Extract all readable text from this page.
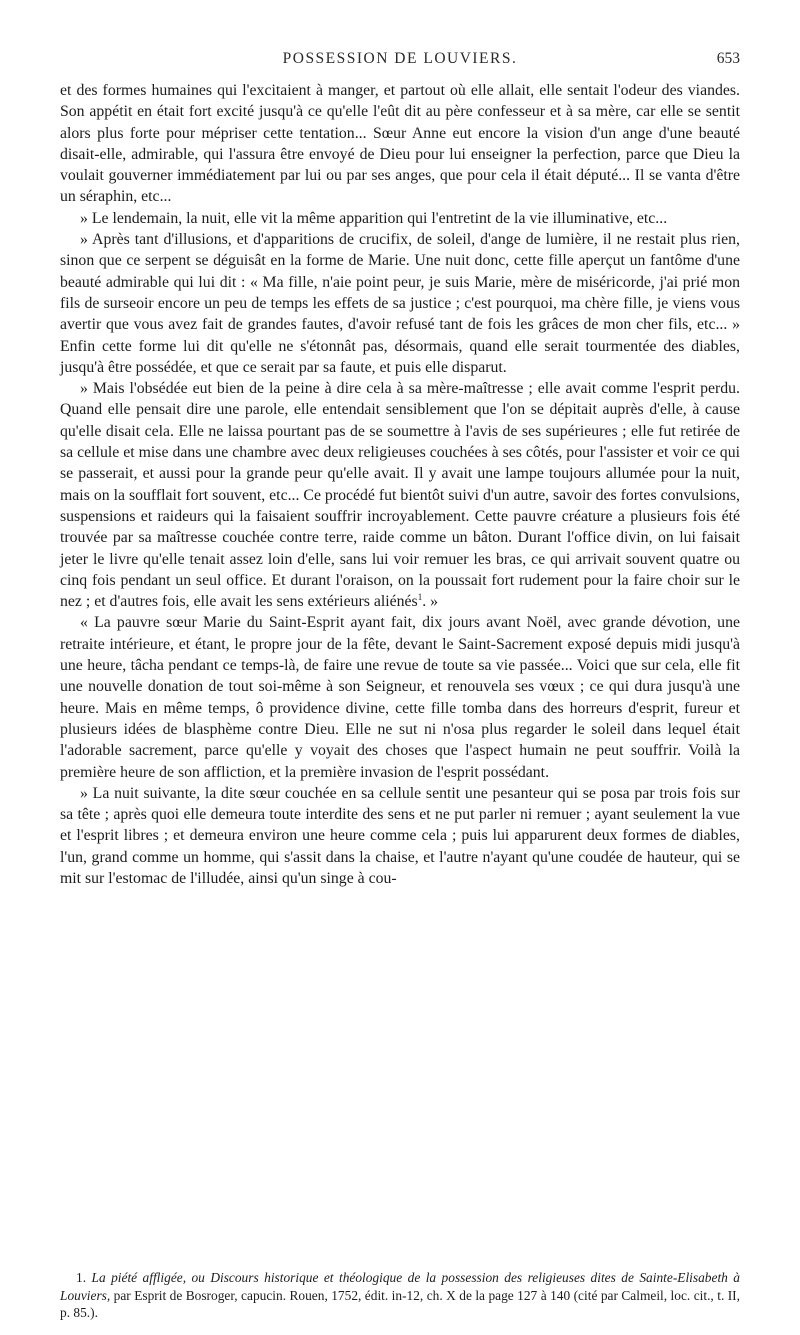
POSSESSION DE LOUVIERS.	653

et des formes humaines qui l'excitaient à manger, et partout où elle allait, elle sentait l'odeur des viandes. Son appétit en était fort excité jusqu'à ce qu'elle l'eût dit au père confesseur et à sa mère, car elle se sentit alors plus forte pour mépriser cette tentation... Sœur Anne eut encore la vision d'un ange d'une beauté disait-elle, admirable, qui l'assura être envoyé de Dieu pour lui enseigner la perfection, parce que Dieu la voulait gouverner immédiatement par lui ou par ses anges, que pour cela il était député... Il se vanta d'être un séraphin, etc...

» Le lendemain, la nuit, elle vit la même apparition qui l'entretint de la vie illuminative, etc...

» Après tant d'illusions, et d'apparitions de crucifix, de soleil, d'ange de lumière, il ne restait plus rien, sinon que ce serpent se déguisât en la forme de Marie. Une nuit donc, cette fille aperçut un fantôme d'une beauté admirable qui lui dit : « Ma fille, n'aie point peur, je suis Marie, mère de miséricorde, j'ai prié mon fils de surseoir encore un peu de temps les effets de sa justice ; c'est pourquoi, ma chère fille, je viens vous avertir que vous avez fait de grandes fautes, d'avoir refusé tant de fois les grâces de mon cher fils, etc... » Enfin cette forme lui dit qu'elle ne s'étonnât pas, désormais, quand elle serait tourmentée des diables, jusqu'à être possédée, et que ce serait par sa faute, et puis elle disparut.

» Mais l'obsédée eut bien de la peine à dire cela à sa mère-maîtresse ; elle avait comme l'esprit perdu. Quand elle pensait dire une parole, elle entendait sensiblement que l'on se dépitait auprès d'elle, à cause qu'elle disait cela. Elle ne laissa pourtant pas de se soumettre à l'avis de ses supérieures ; elle fut retirée de sa cellule et mise dans une chambre avec deux religieuses couchées à ses côtés, pour l'assister et voir ce qui se passerait, et aussi pour la grande peur qu'elle avait. Il y avait une lampe toujours allumée pour la nuit, mais on la soufflait fort souvent, etc... Ce procédé fut bientôt suivi d'un autre, savoir des fortes convulsions, suspensions et raideurs qui la faisaient souffrir incroyablement. Cette pauvre créature a plusieurs fois été trouvée par sa maîtresse couchée contre terre, raide comme un bâton. Durant l'office divin, on lui faisait jeter le livre qu'elle tenait assez loin d'elle, sans lui voir remuer les bras, ce qui arrivait souvent quatre ou cinq fois pendant un seul office. Et durant l'oraison, on la poussait fort rudement pour la faire choir sur le nez ; et d'autres fois, elle avait les sens extérieurs aliénés$^1$. »

« La pauvre sœur Marie du Saint-Esprit ayant fait, dix jours avant Noël, avec grande dévotion, une retraite intérieure, et étant, le propre jour de la fête, devant le Saint-Sacrement exposé depuis midi jusqu'à une heure, tâcha pendant ce temps-là, de faire une revue de toute sa vie passée... Voici que sur cela, elle fit une nouvelle donation de tout soi-même à son Seigneur, et renouvela ses vœux ; ce qui dura jusqu'à une heure. Mais en même temps, ô providence divine, cette fille tomba dans des horreurs d'esprit, fureur et plusieurs idées de blasphème contre Dieu. Elle ne sut ni n'osa plus regarder le soleil dans lequel était l'adorable sacrement, parce qu'elle y voyait des choses que l'aspect humain ne peut souffrir. Voilà la première heure de son affliction, et la première invasion de l'esprit possédant.

» La nuit suivante, la dite sœur couchée en sa cellule sentit une pesanteur qui se posa par trois fois sur sa tête ; après quoi elle demeura toute interdite des sens et ne put parler ni remuer ; ayant seulement la vue et l'esprit libres ; et demeura environ une heure comme cela ; puis lui apparurent deux formes de diables, l'un, grand comme un homme, qui s'assit dans la chaise, et l'autre n'ayant qu'une coudée de hauteur, qui se mit sur l'estomac de l'illudée, ainsi qu'un singe à cou-

1. La piété affligée, ou Discours historique et théologique de la possession des religieuses dites de Sainte-Elisabeth à Louviers, par Esprit de Bosroger, capucin. Rouen, 1752, édit. in-12, ch. X de la page 127 à 140 (cité par Calmeil, loc. cit., t. II, p. 85.).
